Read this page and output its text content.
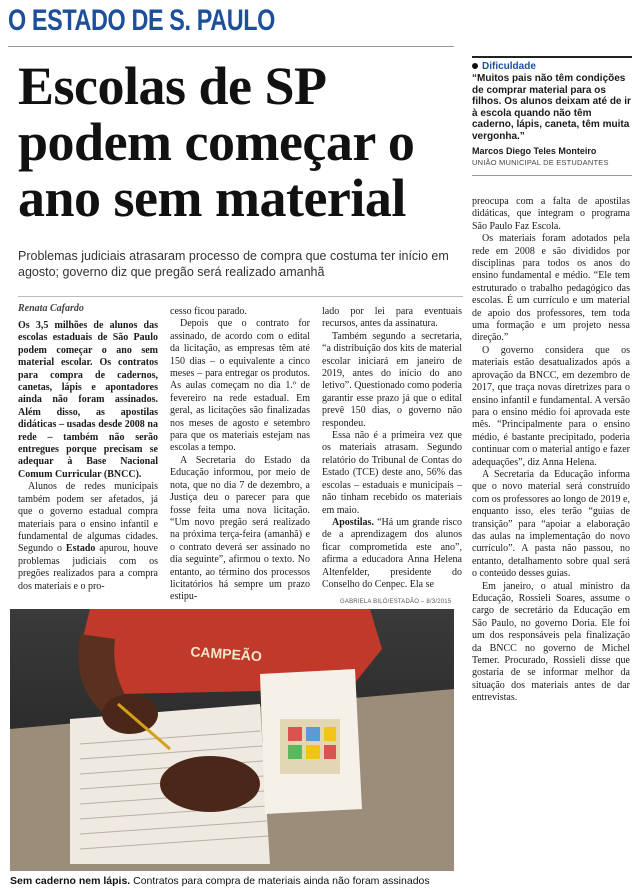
O ESTADO DE S. PAULO
Escolas de SP
podem começar o
ano sem material
Dificuldade
“Muitos pais não têm condições de comprar material para os filhos. Os alunos deixam até de ir à escola quando não têm caderno, lápis, caneta, têm muita vergonha.”
Marcos Diego Teles Monteiro
UNIÃO MUNICIPAL DE ESTUDANTES

preocupa com a falta de apostilas didáticas, que integram o programa São Paulo Faz Escola.

Os materiais foram adotados pela rede em 2008 e são divididos por disciplinas para todos os anos do ensino fundamental e médio. “Ele tem estruturado o trabalho pedagógico das escolas. É um currículo e um material de apoio dos professores, tem toda uma formação e um projeto nessa direção.”

O governo considera que os materiais estão desatualizados após a aprovação da BNCC, em dezembro de 2017, que traça novas diretrizes para o ensino infantil e fundamental. A versão para o ensino médio foi aprovada este mês. “Principalmente para o ensino médio, é bastante precipitado, poderia continuar com o material antigo e fazer adequações”, diz Anna Helena.

A Secretaria da Educação informa que o novo material será construído com os professores ao longo de 2019 e, enquanto isso, eles terão “guias de transição” para “apoiar a elaboração das aulas na implementação do novo currículo”. A pasta não passou, no entanto, detalhamento sobre qual será o conteúdo desses guias.

Em janeiro, o atual ministro da Educação, Rossieli Soares, assume o cargo de secretário da Educação em São Paulo, no governo Doria. Ele foi um dos responsáveis pela finalização da BNCC no governo de Michel Temer. Procurado, Rossieli disse que gostaria de se informar melhor da situação dos materiais antes de dar entrevistas.

Problemas judiciais atrasaram processo de compra que costuma ter início em agosto; governo diz que pregão será realizado amanhã
Renata Cafardo

Os 3,5 milhões de alunos das escolas estaduais de São Paulo podem começar o ano sem material escolar. Os contratos para compra de cadernos, canetas, lápis e apontadores ainda não foram assinados. Além disso, as apostilas didáticas – usadas desde 2008 na rede – também não serão entregues porque precisam se adequar à Base Nacional Comum Curricular (BNCC).

Alunos de redes municipais também podem ser afetados, já que o governo estadual compra materiais para o ensino infantil e fundamental de algumas cidades. Segundo o Estado apurou, houve problemas judiciais com os pregões realizados para a compra dos materiais e o pro-

cesso ficou parado.

Depois que o contrato for assinado, de acordo com o edital da licitação, as empresas têm até 150 dias – o equivalente a cinco meses – para entregar os produtos. As aulas começam no dia 1.º de fevereiro na rede estadual. Em geral, as licitações são finalizadas nos meses de agosto e setembro para que os materiais estejam nas escolas a tempo.

A Secretaria do Estado da Educação informou, por meio de nota, que no dia 7 de dezembro, a Justiça deu o parecer para que fosse feita uma nova licitação. “Um novo pregão será realizado na próxima terça-feira (amanhã) e o contrato deverá ser assinado no dia seguinte”, afirmou o texto. No entanto, ao término dos processos licitatórios há sempre um prazo estipu-

lado por lei para eventuais recursos, antes da assinatura.

Também segundo a secretaria, “a distribuição dos kits de material escolar iniciará em janeiro de 2019, antes do início do ano letivo”. Questionado como poderia garantir esse prazo já que o edital prevê 150 dias, o governo não respondeu.

Essa não é a primeira vez que os materiais atrasam. Segundo relatório do Tribunal de Contas do Estado (TCE) deste ano, 56% das escolas – estaduais e municipais – não tinham recebido os materiais em maio.

Apostilas. “Há um grande risco de a aprendizagem dos alunos ficar comprometida este ano”, afirma a educadora Anna Helena Altenfelder, presidente do Conselho do Cenpec. Ela se

GABRIELA BILÓ/ESTADÃO – 8/3/2015
CAMPEÃO
Sem caderno nem lápis. Contratos para compra de materiais ainda não foram assinados
